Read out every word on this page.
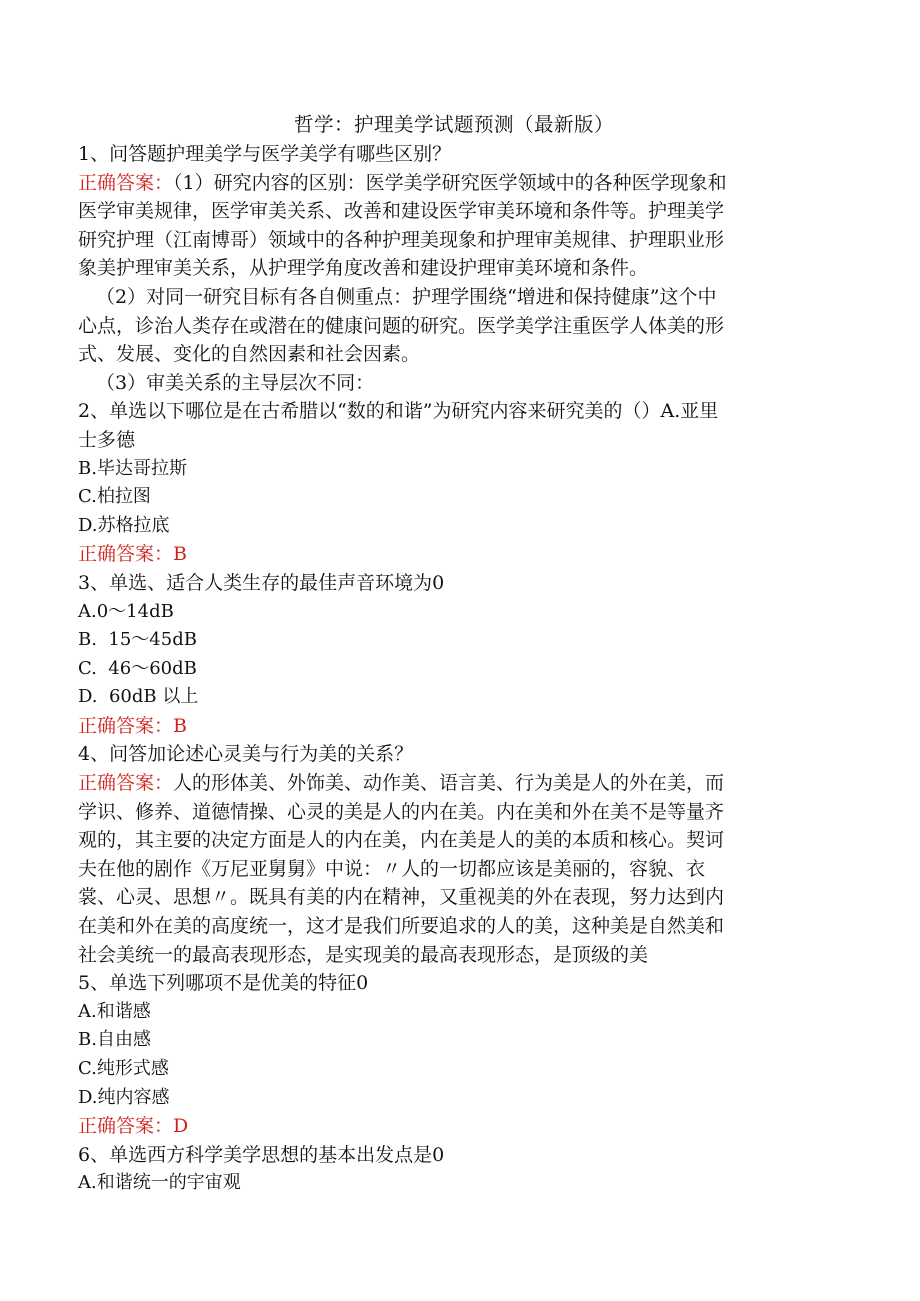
哲学：护理美学试题预测（最新版）

1、问答题护理美学与医学美学有哪些区别？

正确答案：（1）研究内容的区别：医学美学研究医学领域中的各种医学现象和

医学审美规律，医学审美关系、改善和建设医学审美环境和条件等。护理美学

研究护理（江南博哥）领域中的各种护理美现象和护理审美规律、护理职业形

象美护理审美关系，从护理学角度改善和建设护理审美环境和条件。

（2）对同一研究目标有各自侧重点：护理学围绕“增进和保持健康”这个中

心点，诊治人类存在或潜在的健康问题的研究。医学美学注重医学人体美的形

式、发展、变化的自然因素和社会因素。

（3）审美关系的主导层次不同：

2、单选以下哪位是在古希腊以“数的和谐”为研究内容来研究美的（）A.亚里

士多德

B.毕达哥拉斯

C.柏拉图

D.苏格拉底

正确答案：B

3、单选、适合人类生存的最佳声音环境为0

A.0～14dB

B.  15～45dB

C.  46～60dB

D.  60dB 以上

正确答案：B

4、问答加论述心灵美与行为美的关系？

正确答案：人的形体美、外饰美、动作美、语言美、行为美是人的外在美，而

学识、修养、道德情操、心灵的美是人的内在美。内在美和外在美不是等量齐

观的，其主要的决定方面是人的内在美，内在美是人的美的本质和核心。契诃

夫在他的剧作《万尼亚舅舅》中说：〃人的一切都应该是美丽的，容貌、衣

裳、心灵、思想〃。既具有美的内在精神，又重视美的外在表现，努力达到内

在美和外在美的高度统一，这才是我们所要追求的人的美，这种美是自然美和

社会美统一的最高表现形态，是实现美的最高表现形态，是顶级的美

5、单选下列哪项不是优美的特征0

A.和谐感

B.自由感

C.纯形式感

D.纯内容感

正确答案：D

6、单选西方科学美学思想的基本出发点是0

A.和谐统一的宇宙观
